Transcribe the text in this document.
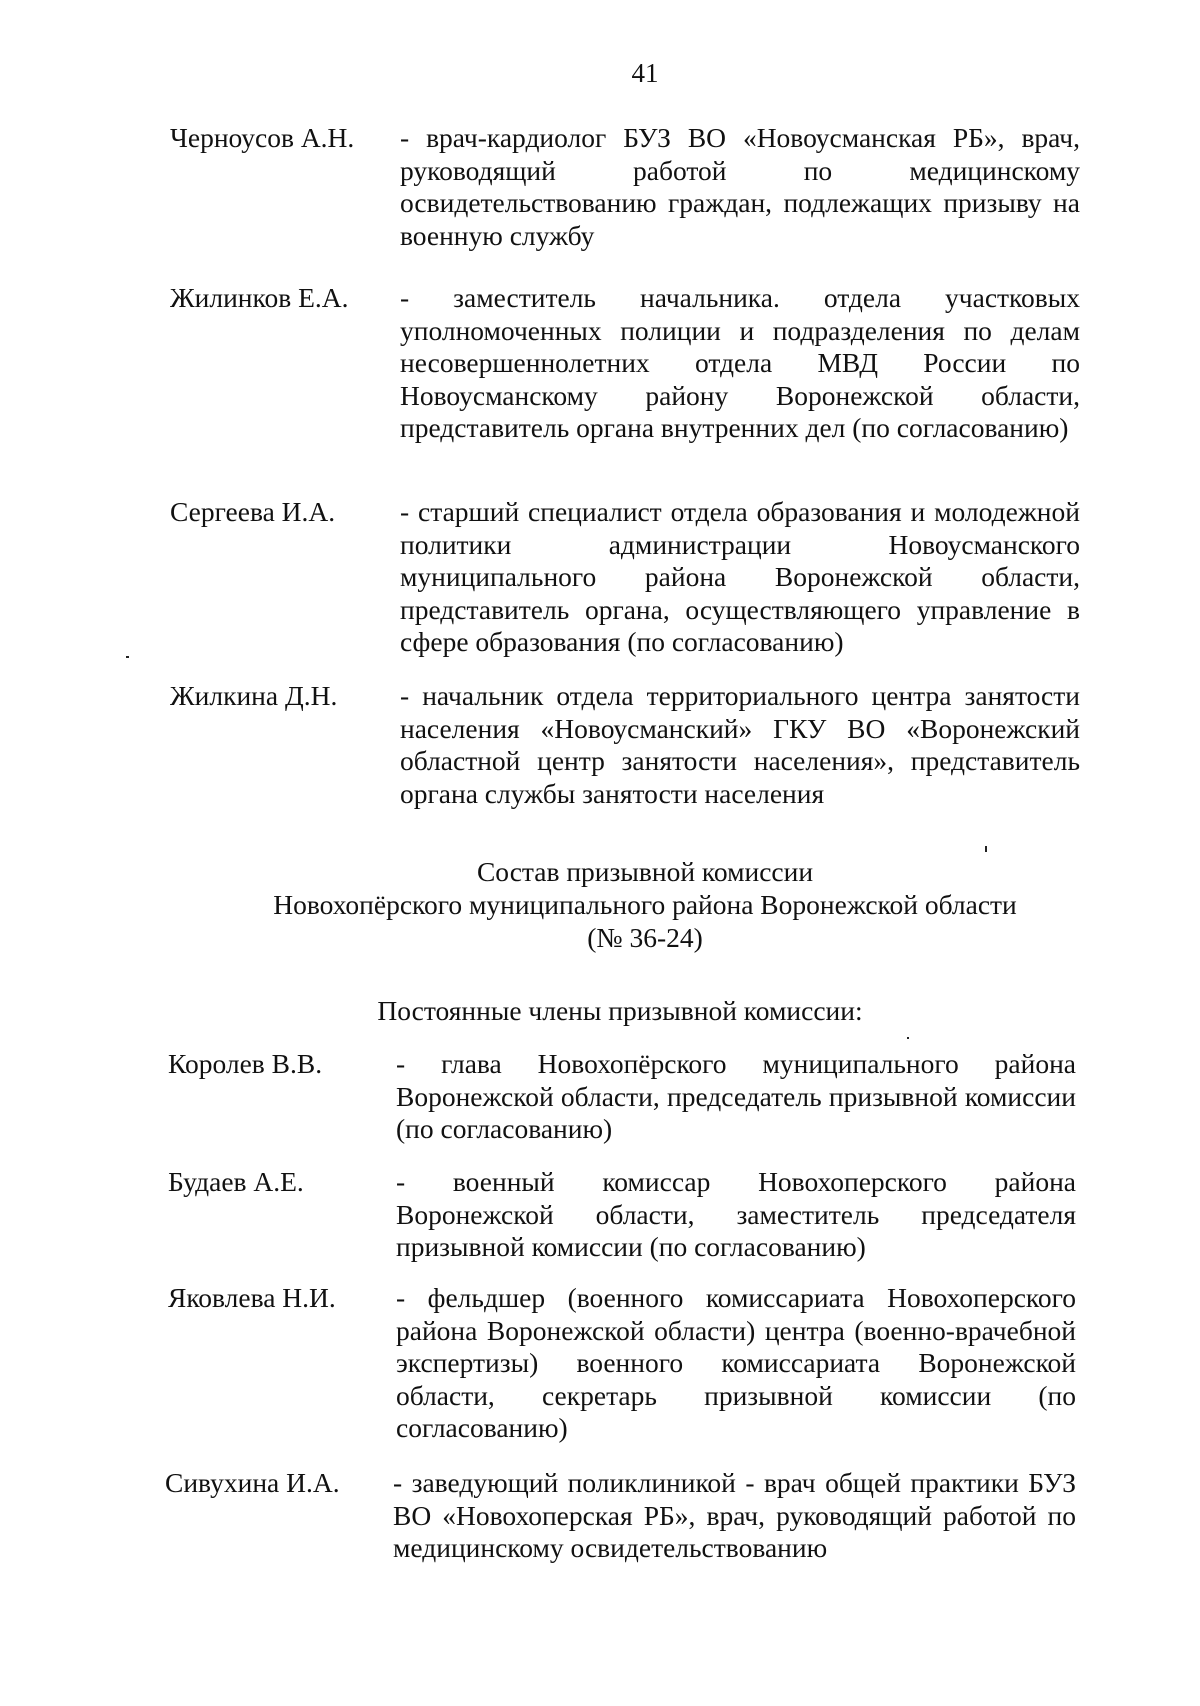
41
Черноусов А.Н. - врач-кардиолог БУЗ ВО «Новоусманская РБ», врач, руководящий работой по медицинскому освидетельствованию граждан, подлежащих призыву на военную службу
Жилинков Е.А. - заместитель начальника. отдела участковых уполномоченных полиции и подразделения по делам несовершеннолетних отдела МВД России по Новоусманскому району Воронежской области, представитель органа внутренних дел (по согласованию)
Сергеева И.А. - старший специалист отдела образования и молодежной политики администрации Новоусманского муниципального района Воронежской области, представитель органа, осуществляющего управление в сфере образования (по согласованию)
Жилкина Д.Н. - начальник отдела территориального центра занятости населения «Новоусманский» ГКУ ВО «Воронежский областной центр занятости населения», представитель органа службы занятости населения
Состав призывной комиссии
Новохопёрского муниципального района Воронежской области
(№ 36-24)
Постоянные члены призывной комиссии:
Королев В.В.	- глава Новохопёрского муниципального района Воронежской области, председатель призывной комиссии (по согласованию)
Будаев А.Е.	- военный комиссар Новохоперского района Воронежской области, заместитель председателя призывной комиссии (по согласованию)
Яковлева Н.И. - фельдшер (военного комиссариата Новохоперского района Воронежской области) центра (военно-врачебной экспертизы) военного комиссариата Воронежской области, секретарь призывной комиссии (по согласованию)
Сивухина И.А. - заведующий поликлиникой - врач общей практики БУЗ ВО «Новохоперская РБ», врач, руководящий работой по медицинскому освидетельствованию
